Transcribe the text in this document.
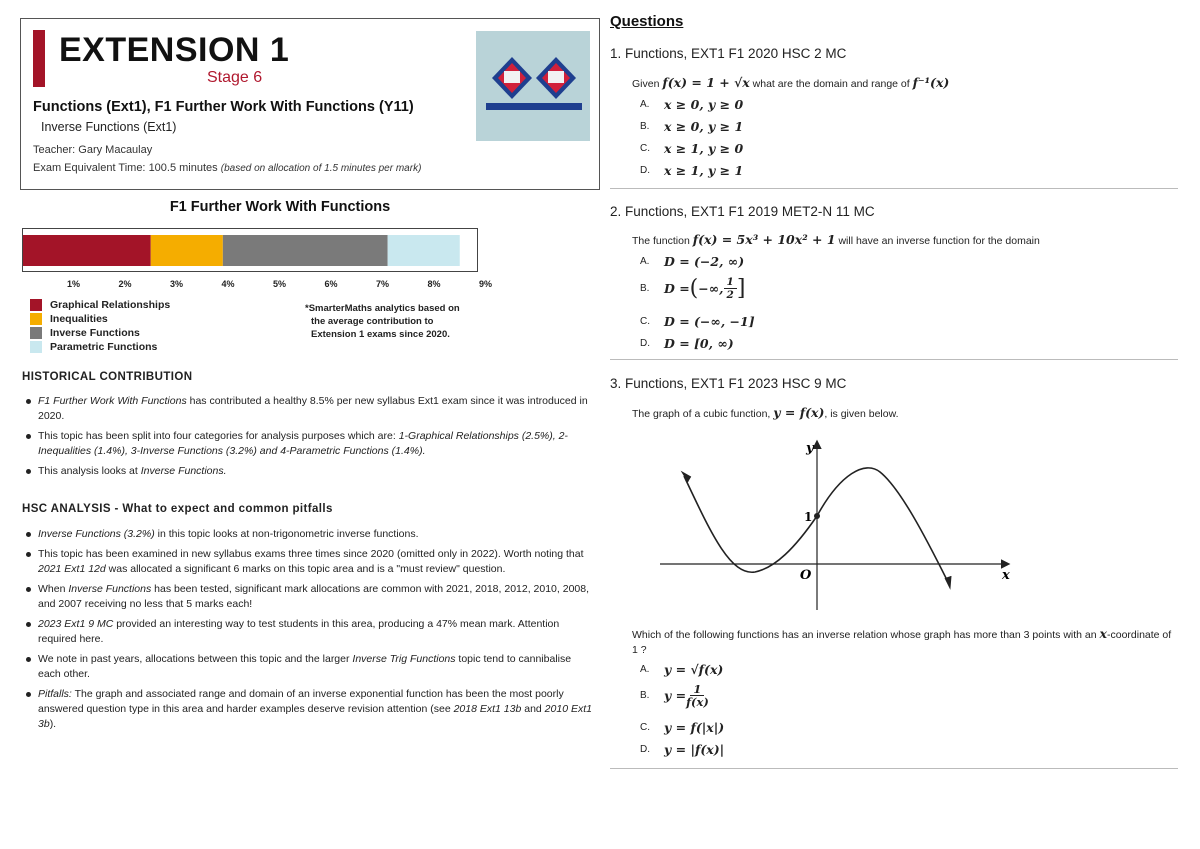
EXTENSION 1
Stage 6
Functions (Ext1), F1 Further Work With Functions (Y11)
Inverse Functions (Ext1)
Teacher: Gary Macaulay
Exam Equivalent Time: 100.5 minutes (based on allocation of 1.5 minutes per mark)
F1 Further Work With Functions
1%	2%	3%	4%	5%	6%	7%	8%	9%
Graphical Relationships
Inequalities
Inverse Functions
Parametric Functions
*SmarterMaths analytics based on
the average contribution to
Extension 1 exams since 2020.
HISTORICAL CONTRIBUTION
F1 Further Work With Functions has contributed a healthy 8.5% per new syllabus Ext1 exam since it was introduced in 2020.
This topic has been split into four categories for analysis purposes which are: 1-Graphical Relationships (2.5%), 2-Inequalities (1.4%), 3-Inverse Functions (3.2%) and 4-Parametric Functions (1.4%).
This analysis looks at Inverse Functions.
HSC ANALYSIS - What to expect and common pitfalls
Inverse Functions (3.2%) in this topic looks at non-trigonometric inverse functions.
This topic has been examined in new syllabus exams three times since 2020 (omitted only in 2022). Worth noting that 2021 Ext1 12d was allocated a significant 6 marks on this topic area and is a "must review" question.
When Inverse Functions has been tested, significant mark allocations are common with 2021, 2018, 2012, 2010, 2008, and 2007 receiving no less that 5 marks each!
2023 Ext1 9 MC provided an interesting way to test students in this area, producing a 47% mean mark. Attention required here.
We note in past years, allocations between this topic and the larger Inverse Trig Functions topic tend to cannibalise each other.
Pitfalls: The graph and associated range and domain of an inverse exponential function has been the most poorly answered question type in this area and harder examples deserve revision attention (see 2018 Ext1 13b and 2010 Ext1 3b).
Questions
1. Functions, EXT1 F1 2020 HSC 2 MC
Given f(x) = 1 + √x what are the domain and range of f⁻¹(x)
A.	x ≥ 0, y ≥ 0
B.	x ≥ 0, y ≥ 1
C.	x ≥ 1, y ≥ 0
D.	x ≥ 1, y ≥ 1
2. Functions, EXT1 F1 2019 MET2-N 11 MC
The function f(x) = 5x³ + 10x² + 1 will have an inverse function for the domain
A.	D = (−2, ∞)
B.	D = ( −∞, $\frac{1}{2}$ ]
C.	D = (−∞, −1]
D.	D = [0, ∞)
3. Functions, EXT1 F1 2023 HSC 9 MC
The graph of a cubic function, y = f(x), is given below.
y
x
O
1
Which of the following functions has an inverse relation whose graph has more than 3 points with an x-coordinate of 1 ?
A.	y = √f(x)
B.	$y = \frac{1}{f(x)}$
C.	y = f(|x|)
D.	y = |f(x)|
